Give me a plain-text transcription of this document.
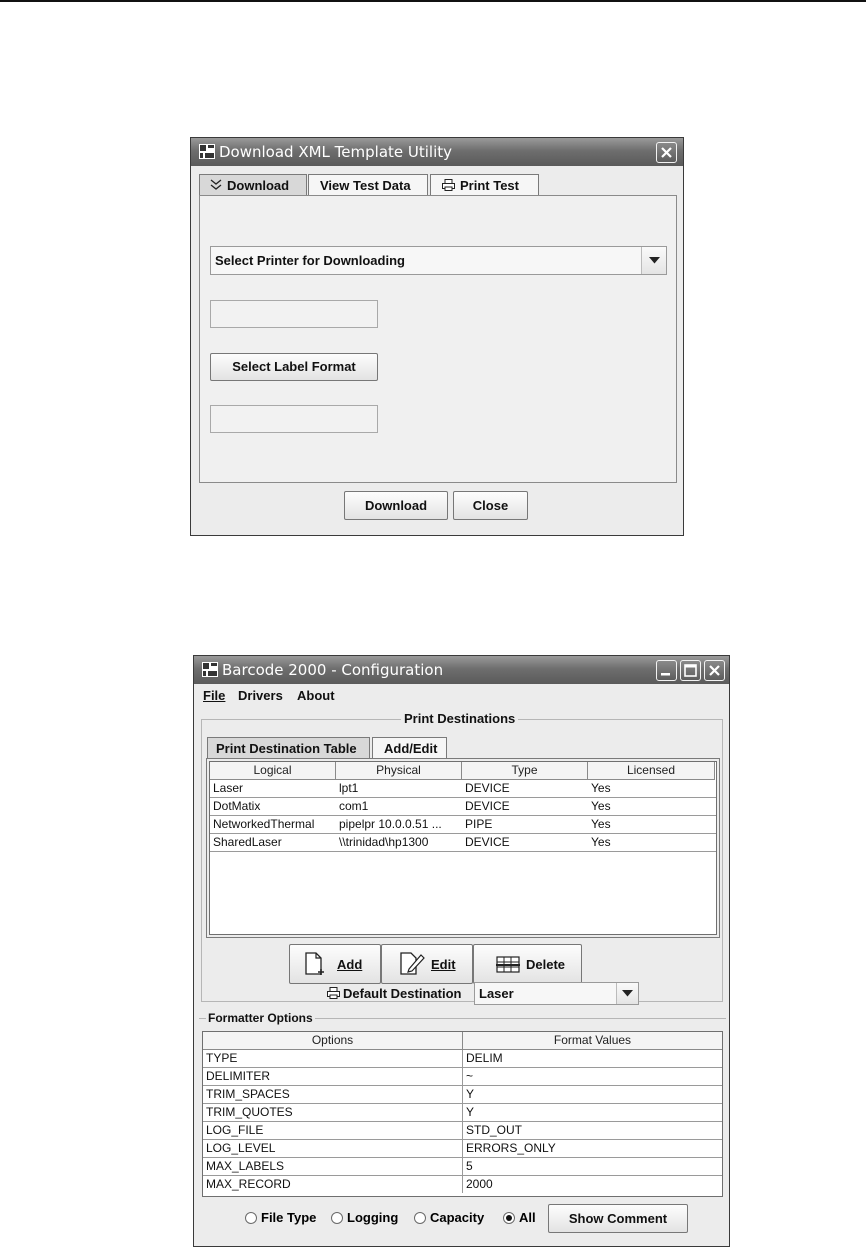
Download XML Template Utility
Download View Test Data	Print Test
Select Printer for Downloading
Select Label Format
Download	Close
Barcode 2000 - Configuration
File Drivers About
Print Destinations
Print Destination Table Add/Edit
Logical	Physical	Type	Licensed
Laser	lpt1	DEVICE	Yes
DotMatix	com1	DEVICE	Yes
NetworkedThermal	pipelpr 10.0.0.51 ...	PIPE	Yes
SharedLaser	\\trinidad\hp1300	DEVICE	Yes
Add	Edit	Delete
Default Destination Laser
Formatter Options
Options	Format Values
TYPE	DELIM
DELIMITER	~
TRIM_SPACES	Y
TRIM_QUOTES	Y
LOG_FILE	STD_OUT
LOG_LEVEL	ERRORS_ONLY
MAX_LABELS	5
MAX_RECORD	2000
File Type Logging Capacity	All	Show Comment
